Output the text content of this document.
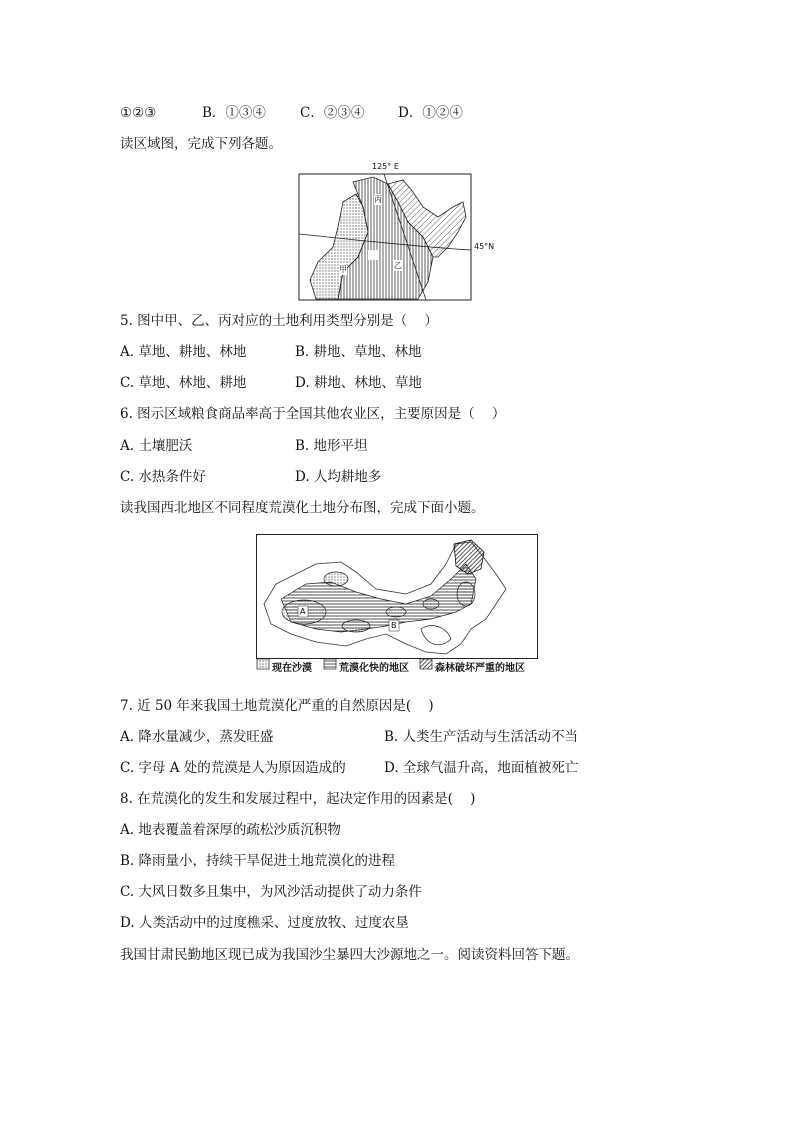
①②③	B．①③④	C．②③④ D．①②④
读区域图，完成下列各题。
125° E
45°N
丙
乙
甲
5. 图中甲、乙、丙对应的土地利用类型分别是（    ）
A. 草地、耕地、林地	B. 耕地、草地、林地
C. 草地、林地、耕地	D. 耕地、林地、草地
6. 图示区域粮食商品率高于全国其他农业区，主要原因是（    ）
A. 土壤肥沃	B. 地形平坦
C. 水热条件好	D. 人均耕地多
读我国西北地区不同程度荒漠化土地分布图，完成下面小题。
A
B
现在沙漠	荒漠化快的地区	森林破坏严重的地区
7. 近 50 年来我国土地荒漠化严重的自然原因是(    )
A. 降水量减少，蒸发旺盛	B. 人类生产活动与生活活动不当
C. 字母 A 处的荒漠是人为原因造成的	D. 全球气温升高，地面植被死亡
8. 在荒漠化的发生和发展过程中，起决定作用的因素是(    )
A. 地表覆盖着深厚的疏松沙质沉积物
B. 降雨量小，持续干旱促进土地荒漠化的进程
C. 大风日数多且集中，为风沙活动提供了动力条件
D. 人类活动中的过度樵采、过度放牧、过度农垦
我国甘肃民勤地区现已成为我国沙尘暴四大沙源地之一。阅读资料回答下题。
